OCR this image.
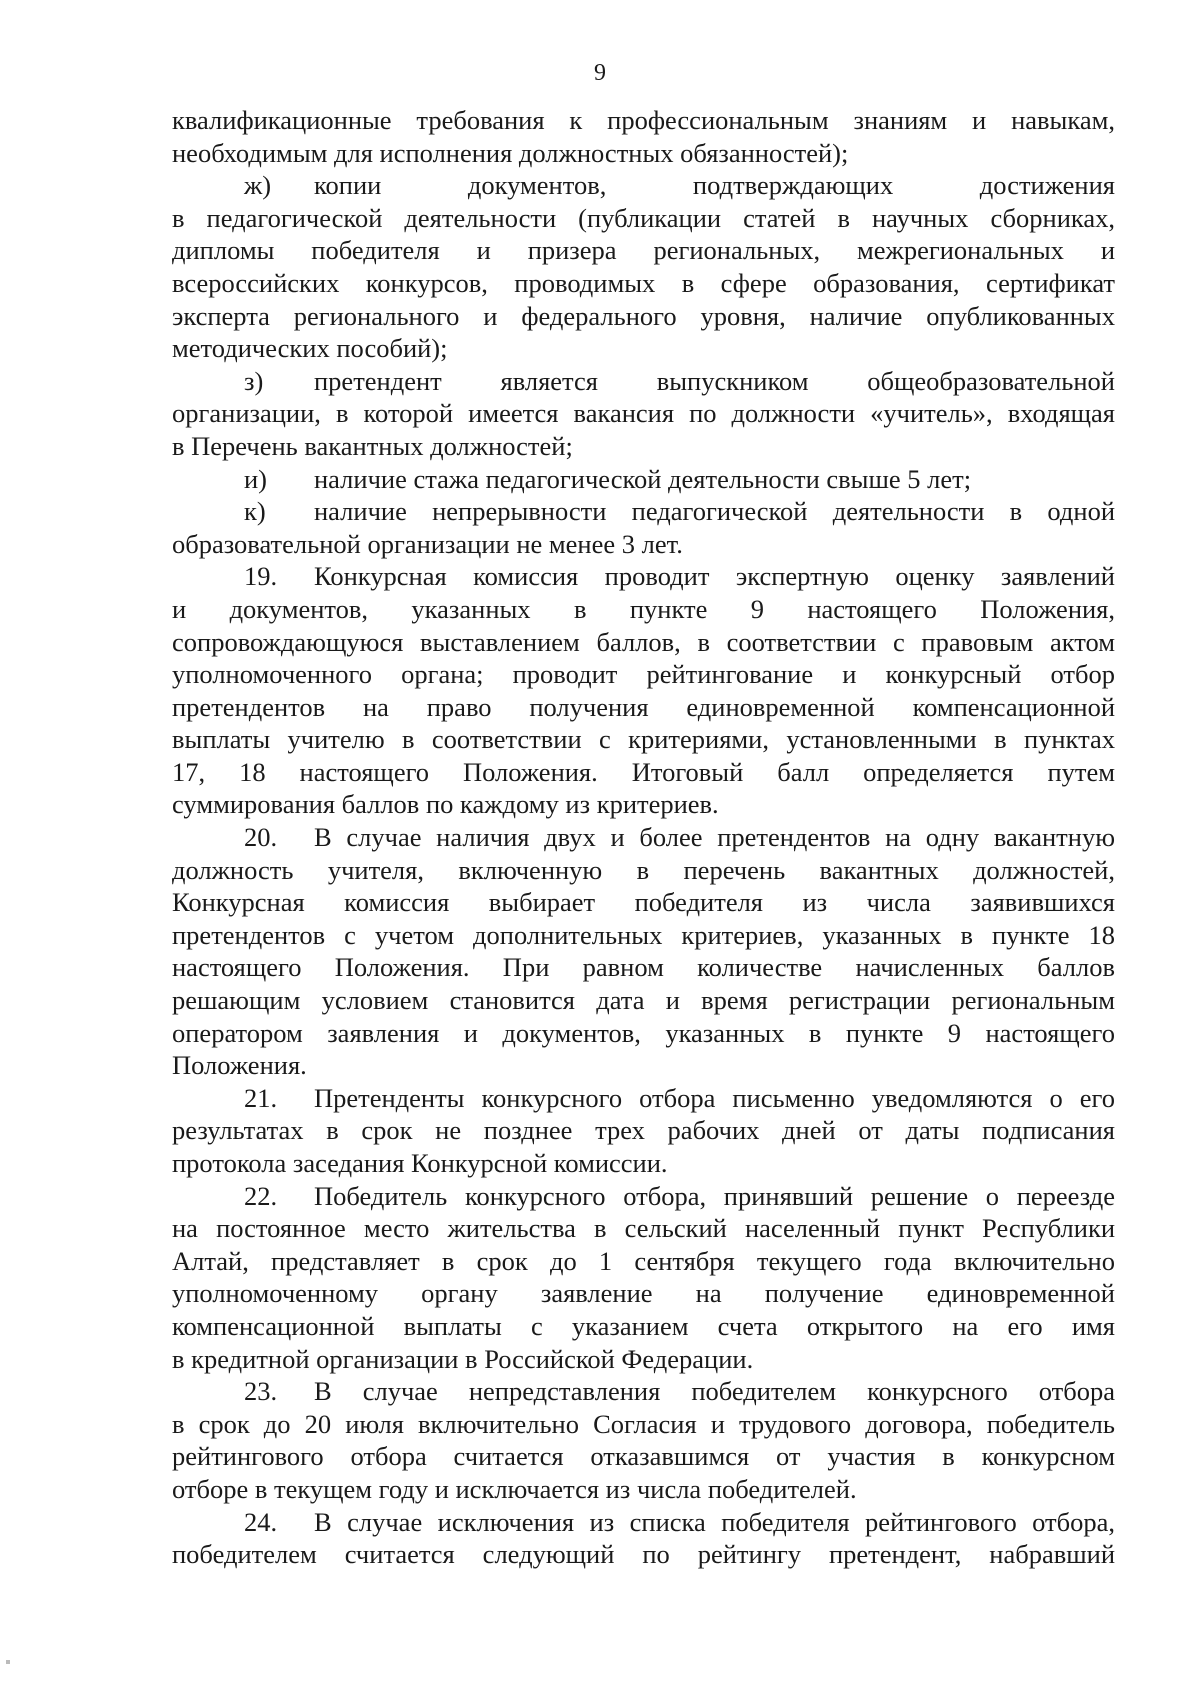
9
квалификационные требования к профессиональным знаниям и навыкам,
необходимым для исполнения должностных обязанностей);
ж)	копии документов, подтверждающих достижения
в педагогической деятельности (публикации статей в научных сборниках,
дипломы победителя и призера региональных, межрегиональных и
всероссийских конкурсов, проводимых в сфере образования, сертификат
эксперта регионального и федерального уровня, наличие опубликованных
методических пособий);
з)	претендент является выпускником общеобразовательной
организации, в которой имеется вакансия по должности «учитель», входящая
в Перечень вакантных должностей;
и)	наличие стажа педагогической деятельности свыше 5 лет;
к)	наличие непрерывности педагогической деятельности в одной
образовательной организации не менее 3 лет.
19.	Конкурсная комиссия проводит экспертную оценку заявлений
и документов, указанных в пункте 9 настоящего Положения,
сопровождающуюся выставлением баллов, в соответствии с правовым актом
уполномоченного органа; проводит рейтингование и конкурсный отбор
претендентов на право получения единовременной компенсационной
выплаты учителю в соответствии с критериями, установленными в пунктах
17, 18 настоящего Положения. Итоговый балл определяется путем
суммирования баллов по каждому из критериев.
20.	В случае наличия двух и более претендентов на одну вакантную
должность учителя, включенную в перечень вакантных должностей,
Конкурсная комиссия выбирает победителя из числа заявившихся
претендентов с учетом дополнительных критериев, указанных в пункте 18
настоящего Положения. При равном количестве начисленных баллов
решающим условием становится дата и время регистрации региональным
оператором заявления и документов, указанных в пункте 9 настоящего
Положения.
21.	Претенденты конкурсного отбора письменно уведомляются о его
результатах в срок не позднее трех рабочих дней от даты подписания
протокола заседания Конкурсной комиссии.
22.	Победитель конкурсного отбора, принявший решение о переезде
на постоянное место жительства в сельский населенный пункт Республики
Алтай, представляет в срок до 1 сентября текущего года включительно
уполномоченному органу заявление на получение единовременной
компенсационной выплаты с указанием счета открытого на его имя
в кредитной организации в Российской Федерации.
23.	В случае непредставления победителем конкурсного отбора
в срок до 20 июля включительно Согласия и трудового договора, победитель
рейтингового отбора считается отказавшимся от участия в конкурсном
отборе в текущем году и исключается из числа победителей.
24.	В случае исключения из списка победителя рейтингового отбора,
победителем считается следующий по рейтингу претендент, набравший
